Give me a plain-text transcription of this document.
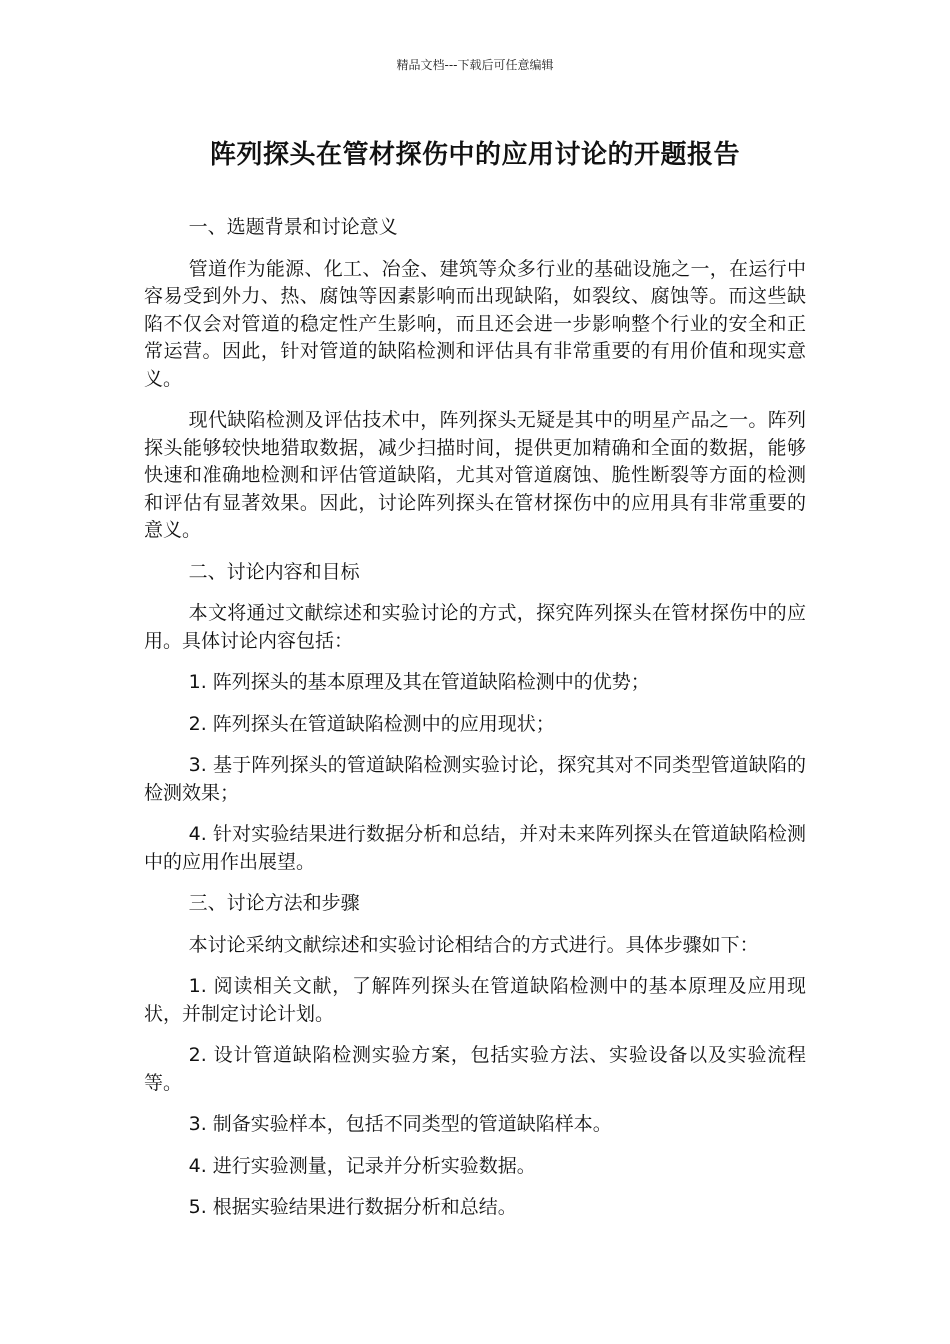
精品文档---下载后可任意编辑
阵列探头在管材探伤中的应用讨论的开题报告
一、选题背景和讨论意义
管道作为能源、化工、冶金、建筑等众多行业的基础设施之一，在运行中容易受到外力、热、腐蚀等因素影响而出现缺陷，如裂纹、腐蚀等。而这些缺陷不仅会对管道的稳定性产生影响，而且还会进一步影响整个行业的安全和正常运营。因此，针对管道的缺陷检测和评估具有非常重要的有用价值和现实意义。
现代缺陷检测及评估技术中，阵列探头无疑是其中的明星产品之一。阵列探头能够较快地猎取数据，减少扫描时间，提供更加精确和全面的数据，能够快速和准确地检测和评估管道缺陷，尤其对管道腐蚀、脆性断裂等方面的检测和评估有显著效果。因此，讨论阵列探头在管材探伤中的应用具有非常重要的意义。
二、讨论内容和目标
本文将通过文献综述和实验讨论的方式，探究阵列探头在管材探伤中的应用。具体讨论内容包括：
1. 阵列探头的基本原理及其在管道缺陷检测中的优势；
2. 阵列探头在管道缺陷检测中的应用现状；
3. 基于阵列探头的管道缺陷检测实验讨论，探究其对不同类型管道缺陷的检测效果；
4. 针对实验结果进行数据分析和总结，并对未来阵列探头在管道缺陷检测中的应用作出展望。
三、讨论方法和步骤
本讨论采纳文献综述和实验讨论相结合的方式进行。具体步骤如下：
1. 阅读相关文献，了解阵列探头在管道缺陷检测中的基本原理及应用现状，并制定讨论计划。
2. 设计管道缺陷检测实验方案，包括实验方法、实验设备以及实验流程等。
3. 制备实验样本，包括不同类型的管道缺陷样本。
4. 进行实验测量，记录并分析实验数据。
5. 根据实验结果进行数据分析和总结。
